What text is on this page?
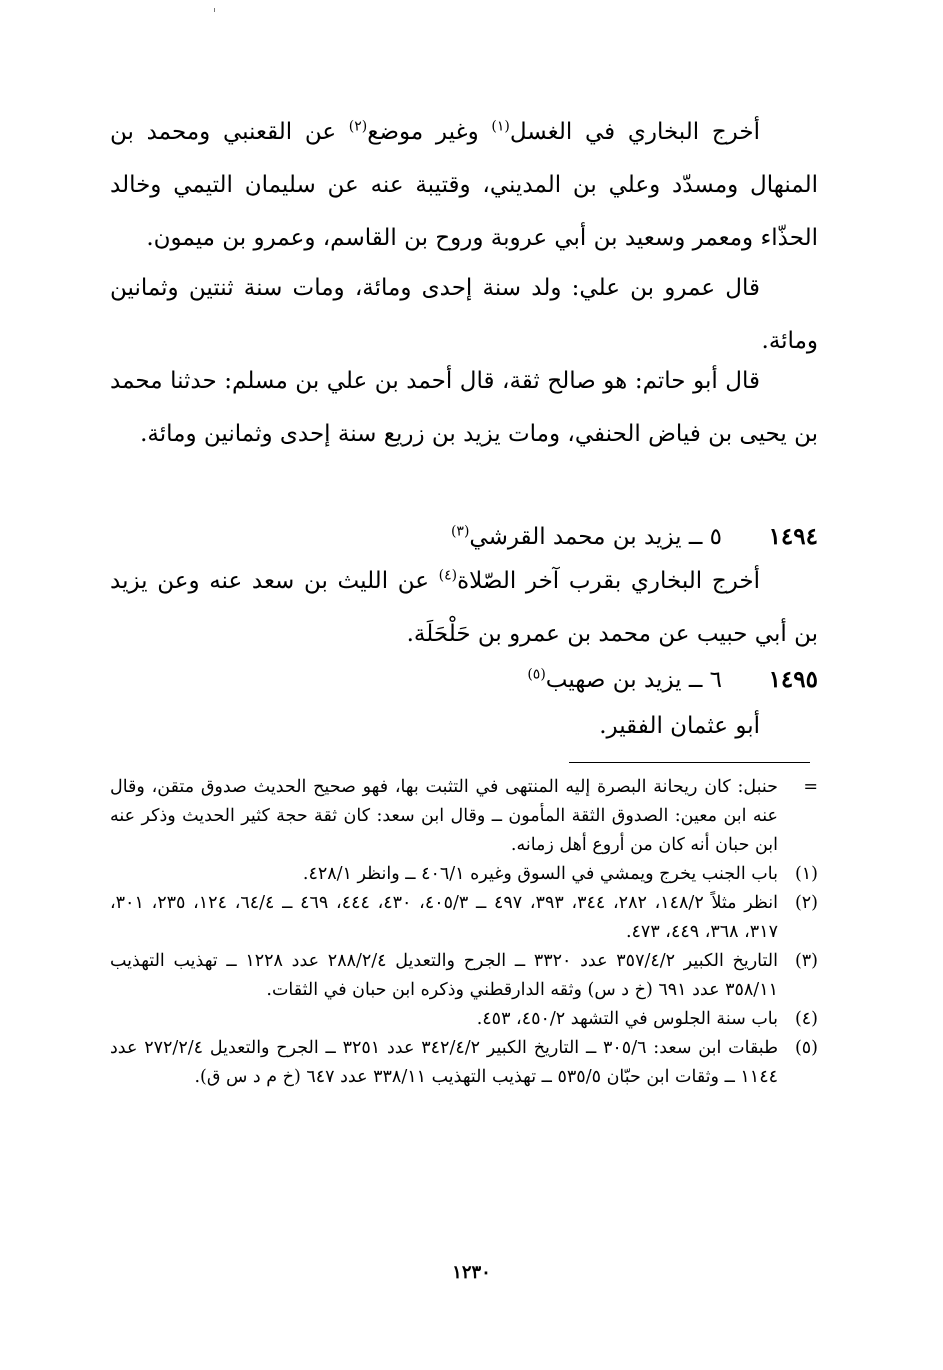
أخرج البخاري في الغسل$^{(١)}$ وغير موضع$^{(٢)}$ عن القعنبي ومحمد بن المنهال ومسدّد وعلي بن المديني، وقتيبة عنه عن سليمان التيمي وخالد الحذّاء ومعمر وسعيد بن أبي عروبة وروح بن القاسم، وعمرو بن ميمون.

قال عمرو بن علي: ولد سنة إحدى ومائة، ومات سنة ثنتين وثمانين ومائة.

قال أبو حاتم: هو صالح ثقة، قال أحمد بن علي بن مسلم: حدثنا محمد بن يحيى بن فياض الحنفي، ومات يزيد بن زريع سنة إحدى وثمانين ومائة.

١٤٩٤
٥ ــ يزيد بن محمد القرشي$^{(٣)}$

أخرج البخاري بقرب آخر الصّلاة$^{(٤)}$ عن الليث بن سعد عنه وعن يزيد بن أبي حبيب عن محمد بن عمرو بن حَلْحَلَة.

١٤٩٥
٦ ــ يزيد بن صهيب$^{(٥)}$

أبو عثمان الفقير.

=
حنبل: كان ريحانة البصرة إليه المنتهى في التثبت بها، فهو صحيح الحديث صدوق متقن، وقال عنه ابن معين: الصدوق الثقة المأمون ــ وقال ابن سعد: كان ثقة حجة كثير الحديث وذكر عنه ابن حبان أنه كان من أروع أهل زمانه.

(١)
باب الجنب يخرج ويمشي في السوق وغيره ٤٠٦/١ ــ وانظر ٤٢٨/١.

(٢)
انظر مثلاً ١٤٨/٢، ٢٨٢، ٣٤٤، ٣٩٣، ٤٩٧ ــ ٤٠٥/٣، ٤٣٠، ٤٤٤، ٤٦٩ ــ ٦٤/٤، ١٢٤، ٢٣٥، ٣٠١، ٣١٧، ٣٦٨، ٤٤٩، ٤٧٣.

(٣)
التاريخ الكبير ٣٥٧/٤/٢ عدد ٣٣٢٠ ــ الجرح والتعديل ٢٨٨/٢/٤ عدد ١٢٢٨ ــ تهذيب التهذيب ٣٥٨/١١ عدد ٦٩١ (خ د س) وثقه الدارقطني وذكره ابن حبان في الثقات.

(٤)
باب سنة الجلوس في التشهد ٤٥٠/٢، ٤٥٣.

(٥)
طبقات ابن سعد: ٣٠٥/٦ ــ التاريخ الكبير ٣٤٢/٤/٢ عدد ٣٢٥١ ــ الجرح والتعديل ٢٧٢/٢/٤ عدد ١١٤٤ ــ وثقات ابن حبّان ٥٣٥/٥ ــ تهذيب التهذيب ٣٣٨/١١ عدد ٦٤٧ (خ م د س ق).

١٢٣٠
